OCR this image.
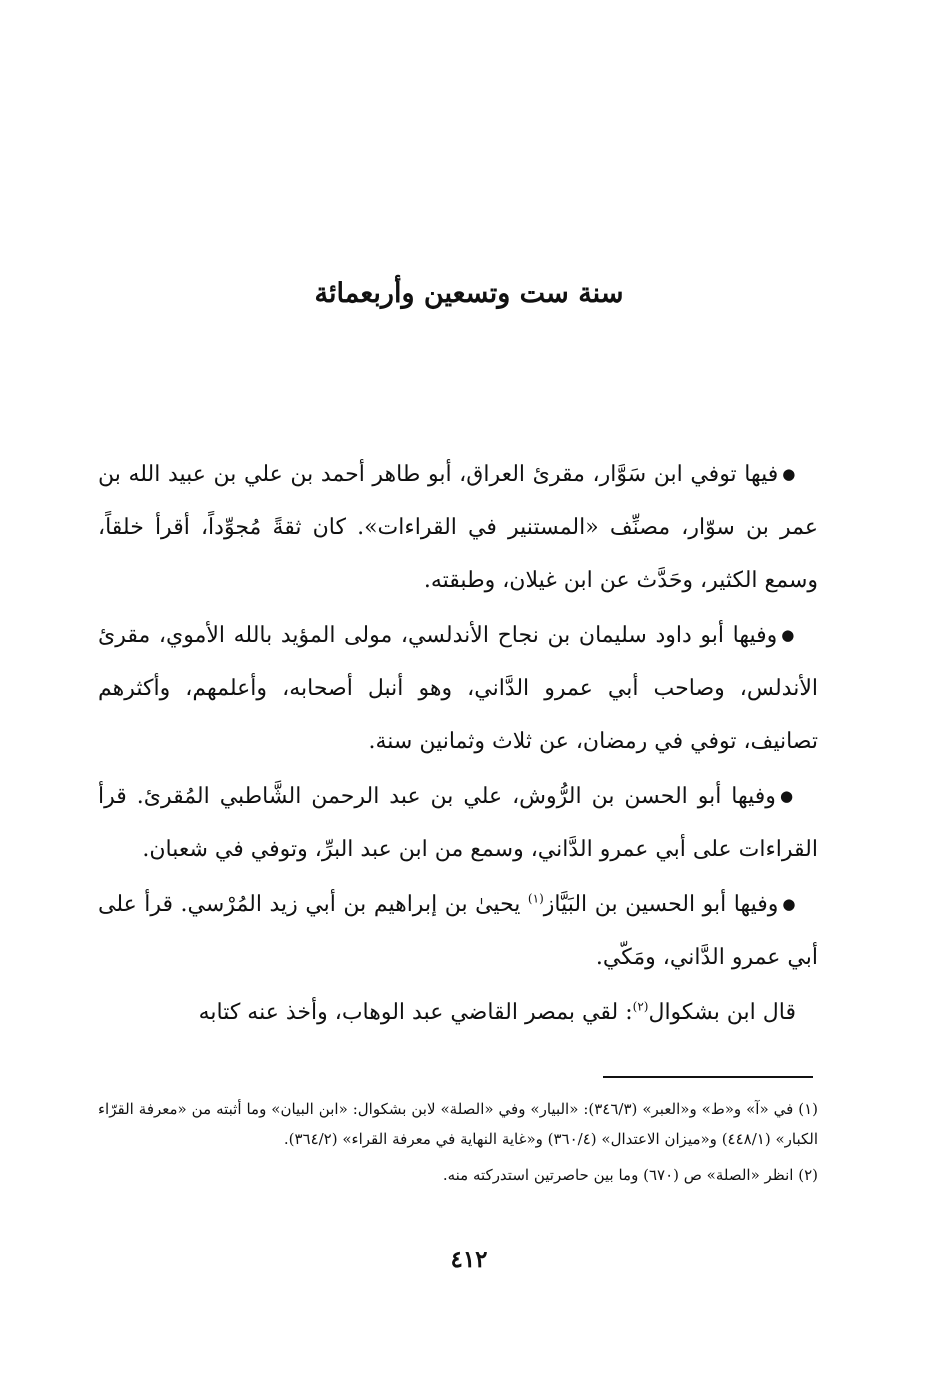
سنة ست وتسعين وأربعمائة

●فيها توفي ابن سَوَّار، مقرئ العراق، أبو طاهر أحمد بن علي بن عبيد الله بن عمر بن سوّار، مصنِّف «المستنير في القراءات». كان ثقةً مُجوِّداً، أقرأ خلقاً، وسمع الكثير، وحَدَّث عن ابن غيلان، وطبقته.

●وفيها أبو داود سليمان بن نجاح الأندلسي، مولى المؤيد بالله الأموي، مقرئ الأندلس، وصاحب أبي عمرو الدَّاني، وهو أنبل أصحابه، وأعلمهم، وأكثرهم تصانيف، توفي في رمضان، عن ثلاث وثمانين سنة.

●وفيها أبو الحسن بن الرُّوش، علي بن عبد الرحمن الشَّاطبي المُقرئ. قرأ القراءات على أبي عمرو الدَّاني، وسمع من ابن عبد البرِّ، وتوفي في شعبان.

●وفيها أبو الحسين بن البَيَّاز$^{(١)}$ يحيىٰ بن إبراهيم بن أبي زيد المُرْسي. قرأ على أبي عمرو الدَّاني، ومَكّي.

قال ابن بشكوال$^{(٢)}$: لقي بمصر القاضي عبد الوهاب، وأخذ عنه كتابه

(١) في «آ» و«ط» و«العبر» (٣٤٦/٣): «البيار» وفي «الصلة» لابن بشكوال: «ابن البيان» وما أثبته من «معرفة القرّاء الكبار» (٤٤٨/١) و«ميزان الاعتدال» (٣٦٠/٤) و«غاية النهاية في معرفة القراء» (٣٦٤/٢).

(٢) انظر «الصلة» ص (٦٧٠) وما بين حاصرتين استدركته منه.

٤١٢
